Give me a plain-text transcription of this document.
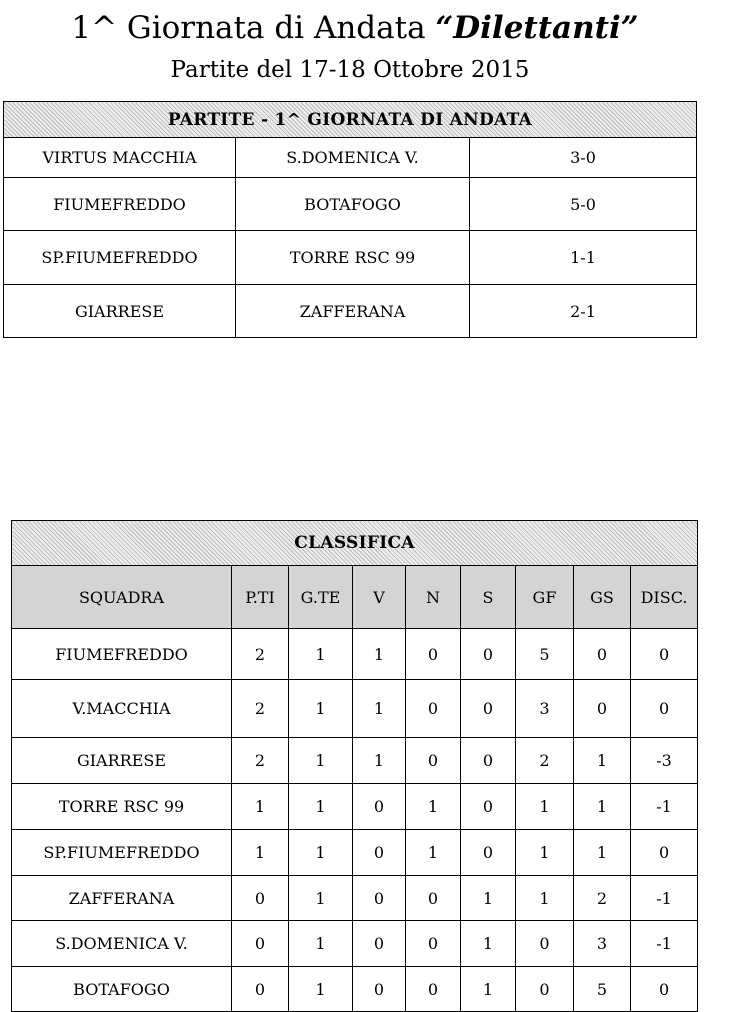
1^ Giornata di Andata “Dilettanti”
Partite del 17-18 Ottobre 2015
PARTITE - 1^ GIORNATA DI ANDATA		
VIRTUS MACCHIA	S.DOMENICA V.	3-0
FIUMEFREDDO	BOTAFOGO	5-0
SP.FIUMEFREDDO	TORRE RSC 99	1-1
GIARRESE	ZAFFERANA	2-1
CLASSIFICA								
SQUADRA	P.TI	G.TE	V	N	S	GF	GS	DISC.
FIUMEFREDDO	2	1	1	0	0	5	0	0
V.MACCHIA	2	1	1	0	0	3	0	0
GIARRESE	2	1	1	0	0	2	1	-3
TORRE RSC 99	1	1	0	1	0	1	1	-1
SP.FIUMEFREDDO	1	1	0	1	0	1	1	0
ZAFFERANA	0	1	0	0	1	1	2	-1
S.DOMENICA V.	0	1	0	0	1	0	3	-1
BOTAFOGO	0	1	0	0	1	0	5	0
